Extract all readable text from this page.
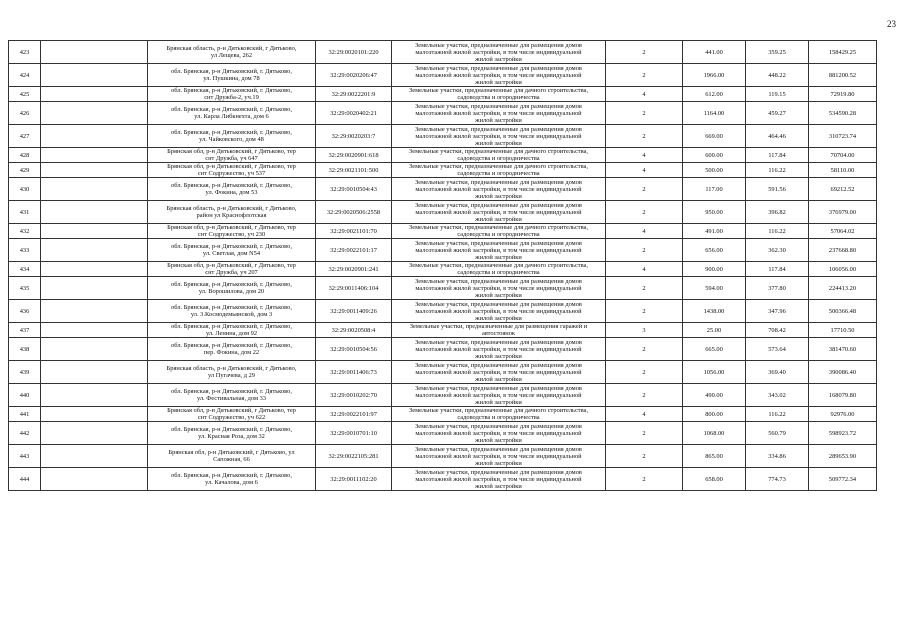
23
423		Брянская область, р-н Дятьковский, г Дятьково,
ул Лещева, 262	32:29:0020101:220	Земельные участки, предназначенные для размещения домов
малоэтажной жилой застройки, в том числе индивидуальной
жилой застройки	2	441.00	359.25	158429.25
424		обл. Брянская, р-н Дятьковский, г. Дятьково,
ул. Пушкина, дом 78	32:29:0020206:47	Земельные участки, предназначенные для размещения домов
малоэтажной жилой застройки, в том числе индивидуальной
жилой застройки	2	1966.00	448.22	881200.52
425		обл. Брянская, р-н Дятьковский, г. Дятьково,
снт Дружба-2, уч.19	32:29:0022201:9	Земельные участки, предназначенные для дачного строительства,
садоводства и огородничества	4	612.00	119.15	72919.80
426		обл. Брянская, р-н Дятьковский, г. Дятьково,
ул. Карла Либкнехта, дом 6	32:29:0020402:21	Земельные участки, предназначенные для размещения домов
малоэтажной жилой застройки, в том числе индивидуальной
жилой застройки	2	1164.00	459.27	534590.28
427		обл. Брянская, р-н Дятьковский, г. Дятьково,
ул. Чайковского, дом 48	32:29:0020203:7	Земельные участки, предназначенные для размещения домов
малоэтажной жилой застройки, в том числе индивидуальной
жилой застройки	2	669.00	464.46	310723.74
428		Брянская обл, р-н Дятьковский, г Дятьково, тер
снт Дружба, уч 647	32:29:0020901:618	Земельные участки, предназначенные для дачного строительства,
садоводства и огородничества	4	600.00	117.84	70704.00
429		Брянская обл, р-н Дятьковский, г Дятьково, тер
снт Содружество, уч 537	32:29:0021101:500	Земельные участки, предназначенные для дачного строительства,
садоводства и огородничества	4	500.00	116.22	58110.00
430		обл. Брянская, р-н Дятьковский, г. Дятьково,
ул. Фокина, дом 53	32:29:0010504:43	Земельные участки, предназначенные для размещения домов
малоэтажной жилой застройки, в том числе индивидуальной
жилой застройки	2	117.00	591.56	69212.52
431		Брянская область, р-н Дятьковский, г Дятьково,
район ул Краснофлотская	32:29:0020506:2558	Земельные участки, предназначенные для размещения домов
малоэтажной жилой застройки, в том числе индивидуальной
жилой застройки	2	950.00	396.82	376979.00
432		Брянская обл, р-н Дятьковский, г Дятьково, тер
снт Содружество, уч 230	32:29:0021101:70	Земельные участки, предназначенные для дачного строительства,
садоводства и огородничества	4	491.00	116.22	57064.02
433		обл. Брянская, р-н Дятьковский, г. Дятьково,
ул. Светлая, дом N54	32:29:0022101:17	Земельные участки, предназначенные для размещения домов
малоэтажной жилой застройки, в том числе индивидуальной
жилой застройки	2	656.00	362.30	237668.80
434		Брянская обл, р-н Дятьковский, г Дятьково, тер
снт Дружба, уч 207	32:29:0020901:241	Земельные участки, предназначенные для дачного строительства,
садоводства и огородничества	4	900.00	117.84	106056.00
435		обл. Брянская, р-н Дятьковский, г. Дятьково,
ул. Ворошилова, дом 20	32:29:0011406:104	Земельные участки, предназначенные для размещения домов
малоэтажной жилой застройки, в том числе индивидуальной
жилой застройки	2	594.00	377.80	224413.20
436		обл. Брянская, р-н Дятьковский, г. Дятьково,
ул. 3.Космодемьянской, дом 3	32:29:0011409:26	Земельные участки, предназначенные для размещения домов
малоэтажной жилой застройки, в том числе индивидуальной
жилой застройки	2	1438.00	347.96	500366.48
437		обл. Брянская, р-н Дятьковский, г. Дятьково,
ул. Ленина, дом 92	32:29:0020508:4	Земельные участки, предназначенные для размещения гаражей и
автостоянок	3	25.00	708.42	17710.50
438		обл. Брянская, р-н Дятьковский, г. Дятьково,
пер. Фокина, дом 22	32:29:0010504:56	Земельные участки, предназначенные для размещения домов
малоэтажной жилой застройки, в том числе индивидуальной
жилой застройки	2	665.00	573.64	381470.60
439		Брянская область, р-н Дятьковский, г Дятьково,
ул Пугачева, д 29	32:29:0011406:73	Земельные участки, предназначенные для размещения домов
малоэтажной жилой застройки, в том числе индивидуальной
жилой застройки	2	1056.00	369.40	390086.40
440		обл. Брянская, р-н Дятьковский, г. Дятьково,
ул. Фестивальная, дом 33	32:29:0010202:70	Земельные участки, предназначенные для размещения домов
малоэтажной жилой застройки, в том числе индивидуальной
жилой застройки	2	490.00	343.02	168079.80
441		Брянская обл, р-н Дятьковский, г Дятьково, тер
снт Содружество, уч 622	32:29:0022101:97	Земельные участки, предназначенные для дачного строительства,
садоводства и огородничества	4	800.00	116.22	92976.00
442		обл. Брянская, р-н Дятьковский, г. Дятьково,
ул. Красная Роза, дом 32	32:29:0010701:10	Земельные участки, предназначенные для размещения домов
малоэтажной жилой застройки, в том числе индивидуальной
жилой застройки	2	1068.00	560.79	598923.72
443		Брянская обл, р-н Дятьковский, г Дятьково, ул
Сапожная, 66	32:29:0022105:281	Земельные участки, предназначенные для размещения домов
малоэтажной жилой застройки, в том числе индивидуальной
жилой застройки	2	865.00	334.86	289653.90
444		обл. Брянская, р-н Дятьковский, г. Дятьково,
ул. Качалова, дом 6	32:29:0011102:20	Земельные участки, предназначенные для размещения домов
малоэтажной жилой застройки, в том числе индивидуальной
жилой застройки	2	658.00	774.73	509772.34
